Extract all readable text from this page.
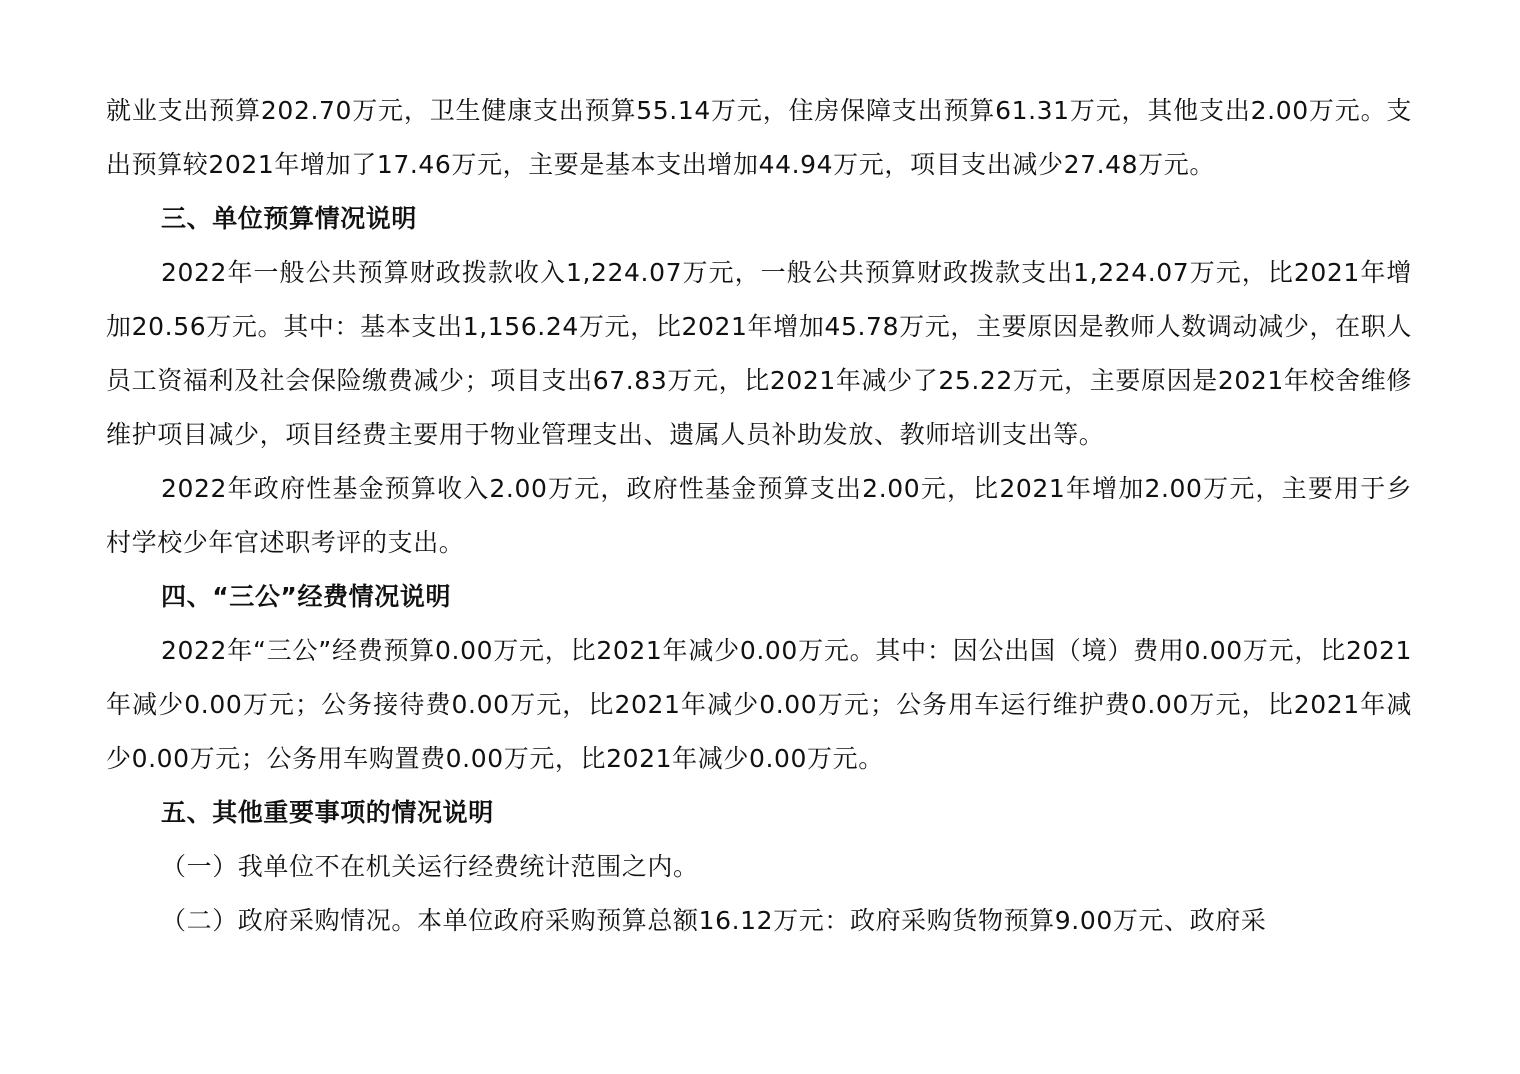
就业支出预算202.70万元，卫生健康支出预算55.14万元，住房保障支出预算61.31万元，其他支出2.00万元。支出预算较2021年增加了17.46万元，主要是基本支出增加44.94万元，项目支出减少27.48万元。

三、单位预算情况说明

2022年一般公共预算财政拨款收入1,224.07万元，一般公共预算财政拨款支出1,224.07万元，比2021年增加20.56万元。其中：基本支出1,156.24万元，比2021年增加45.78万元，主要原因是教师人数调动减少，在职人员工资福利及社会保险缴费减少；项目支出67.83万元，比2021年减少了25.22万元，主要原因是2021年校舍维修维护项目减少，项目经费主要用于物业管理支出、遗属人员补助发放、教师培训支出等。

2022年政府性基金预算收入2.00万元，政府性基金预算支出2.00元，比2021年增加2.00万元，主要用于乡村学校少年官述职考评的支出。

四、“三公”经费情况说明

2022年“三公”经费预算0.00万元，比2021年减少0.00万元。其中：因公出国（境）费用0.00万元，比2021年减少0.00万元；公务接待费0.00万元，比2021年减少0.00万元；公务用车运行维护费0.00万元，比2021年减少0.00万元；公务用车购置费0.00万元，比2021年减少0.00万元。

五、其他重要事项的情况说明

（一）我单位不在机关运行经费统计范围之内。

（二）政府采购情况。本单位政府采购预算总额16.12万元：政府采购货物预算9.00万元、政府采
